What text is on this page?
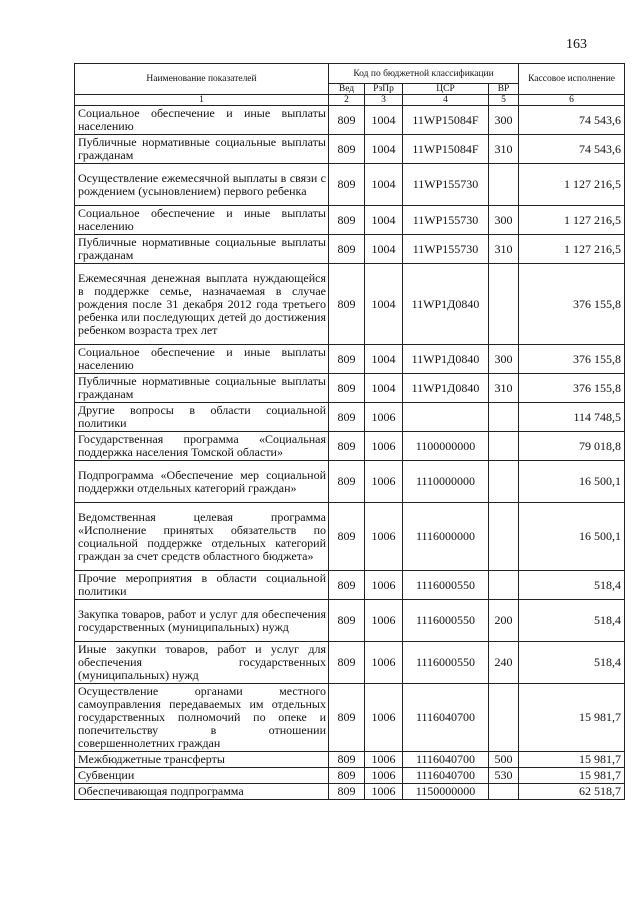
163
Наименование показателей	Код по бюджетной классификации				Кассовое исполнение
	Вед	РзПр	ЦСР	ВР	
1	2	3	4	5	6
Социальное обеспечение и иные выплаты населению	809	1004	11WP15084F	300	74 543,6
Публичные нормативные социальные выплаты гражданам	809	1004	11WP15084F	310	74 543,6
Осуществление ежемесячной выплаты в связи с рождением (усыновлением) первого ребенка	809	1004	11WP155730		1 127 216,5
Социальное обеспечение и иные выплаты населению	809	1004	11WP155730	300	1 127 216,5
Публичные нормативные социальные выплаты гражданам	809	1004	11WP155730	310	1 127 216,5
Ежемесячная денежная выплата нуждающейся в поддержке семье, назначаемая в случае рождения после 31 декабря 2012 года третьего ребенка или последующих детей до достижения ребенком возраста трех лет	809	1004	11WP1Д0840		376 155,8
Социальное обеспечение и иные выплаты населению	809	1004	11WP1Д0840	300	376 155,8
Публичные нормативные социальные выплаты гражданам	809	1004	11WP1Д0840	310	376 155,8
Другие вопросы в области социальной политики	809	1006			114 748,5
Государственная программа «Социальная поддержка населения Томской области»	809	1006	1100000000		79 018,8
Подпрограмма «Обеспечение мер социальной поддержки отдельных категорий граждан»	809	1006	1110000000		16 500,1
Ведомственная целевая программа «Исполнение принятых обязательств по социальной поддержке отдельных категорий граждан за счет средств областного бюджета»	809	1006	1116000000		16 500,1
Прочие мероприятия в области социальной политики	809	1006	1116000550		518,4
Закупка товаров, работ и услуг для обеспечения государственных (муниципальных) нужд	809	1006	1116000550	200	518,4
Иные закупки товаров, работ и услуг для обеспечения государственных (муниципальных) нужд	809	1006	1116000550	240	518,4
Осуществление органами местного самоуправления передаваемых им отдельных государственных полномочий по опеке и попечительству в отношении совершеннолетних граждан	809	1006	1116040700		15 981,7
Межбюджетные трансферты	809	1006	1116040700	500	15 981,7
Субвенции	809	1006	1116040700	530	15 981,7
Обеспечивающая подпрограмма	809	1006	1150000000		62 518,7
